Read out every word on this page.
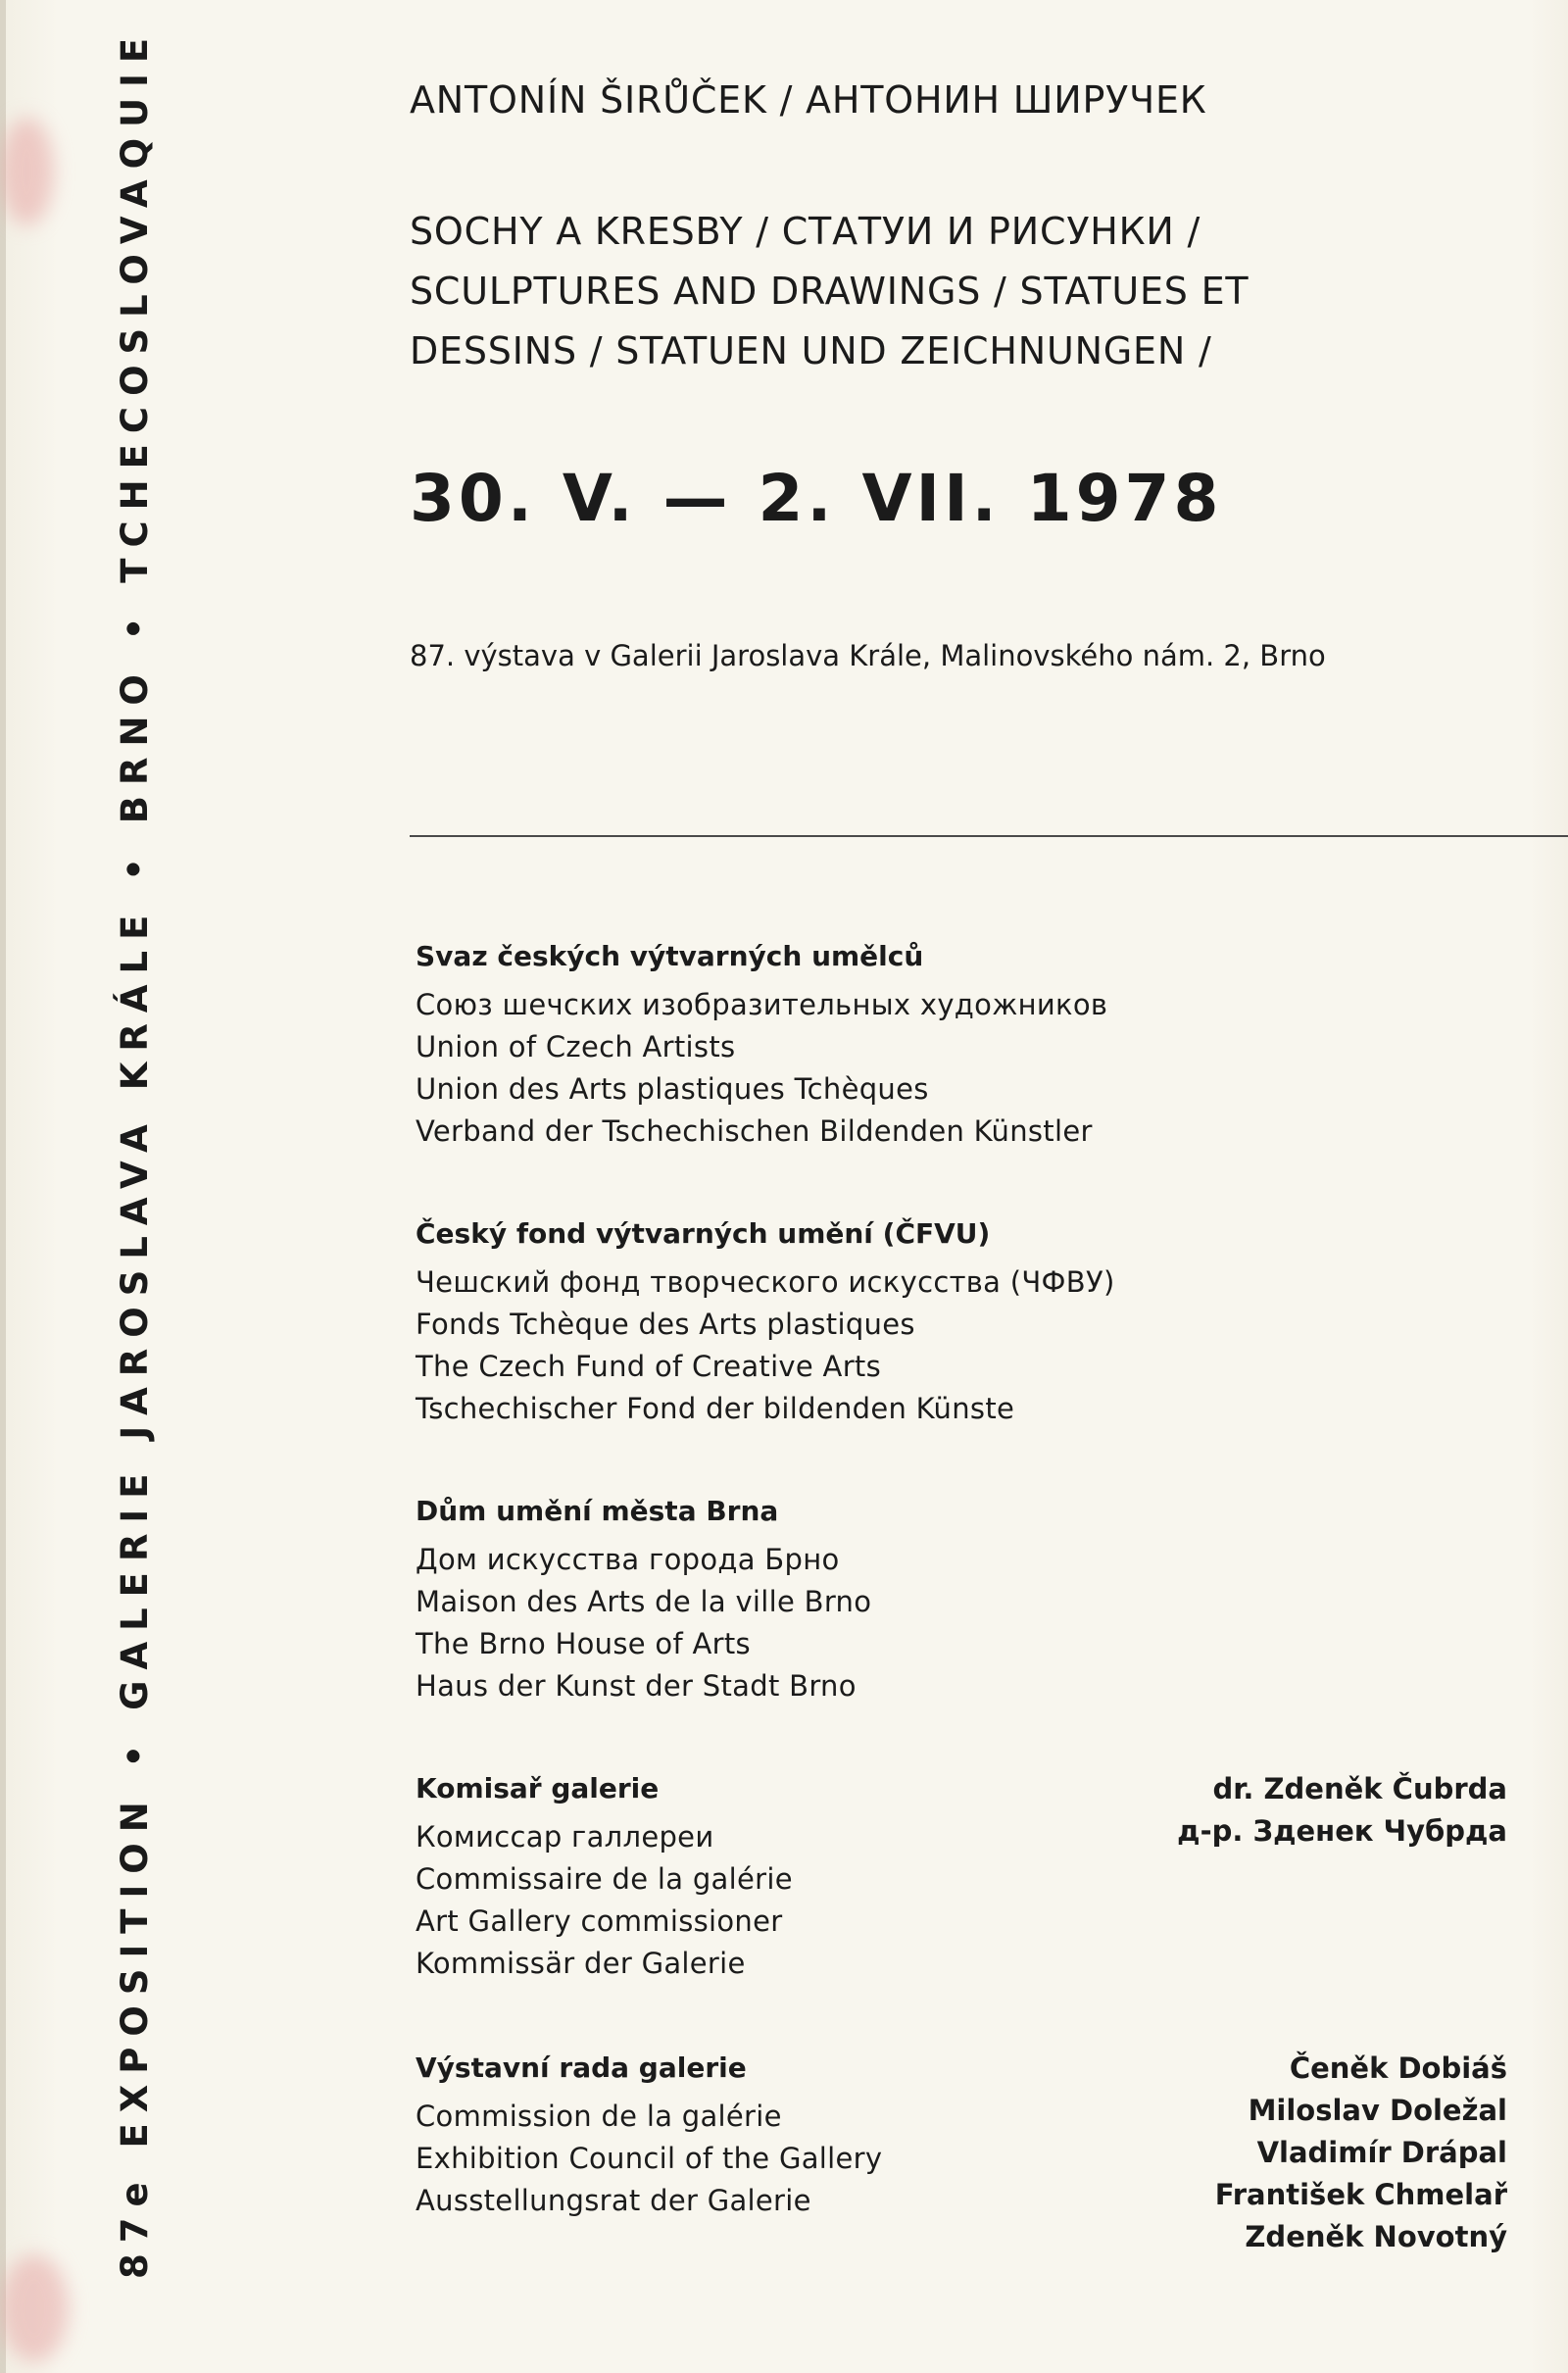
87e EXPOSITION • GALERIE JAROSLAVA KRÁLE • BRNO • TCHECOSLOVAQUIE	ANTONÍN ŠIRŮČEK / АНТОНИН ШИРУЧЕК
SOCHY A KRESBY / СТАТУИ И РИСУНКИ /
SCULPTURES AND DRAWINGS / STATUES ET
DESSINS / STATUEN UND ZEICHNUNGEN /
30. V. — 2. VII. 1978
87. výstava v Galerii Jaroslava Krále, Malinovského nám. 2, Brno
Svaz českých výtvarných umělců
Союз шечских изобразительных художников
Union of Czech Artists
Union des Arts plastiques Tchèques
Verband der Tschechischen Bildenden Künstler
Český fond výtvarných umění (ČFVU)
Чешский фонд творческого искусства (ЧФВУ)
Fonds Tchèque des Arts plastiques
The Czech Fund of Creative Arts
Tschechischer Fond der bildenden Künste
Dům umění města Brna
Дом искусства города Брно
Maison des Arts de la ville Brno
The Brno House of Arts
Haus der Kunst der Stadt Brno
Komisař galerie
Комиссар галлереи
Commissaire de la galérie
Art Gallery commissioner
Kommissär der Galerie
dr. Zdeněk Čubrda
д-р. Зденек Чубрда
Výstavní rada galerie
Commission de la galérie
Exhibition Council of the Gallery
Ausstellungsrat der Galerie
Čeněk Dobiáš
Miloslav Doležal
Vladimír Drápal
František Chmelař
Zdeněk Novotný
